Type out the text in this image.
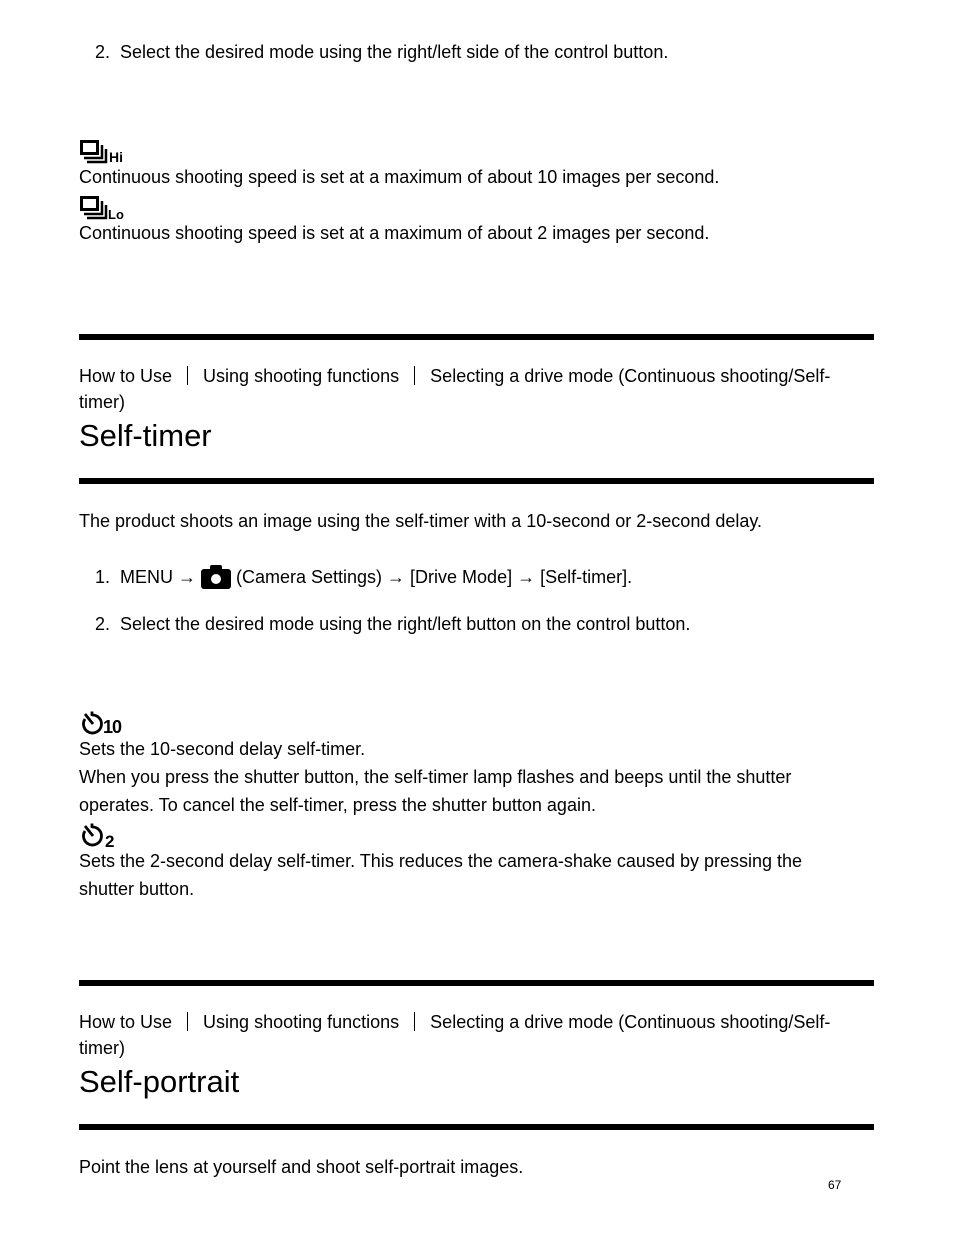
2. Select the desired mode using the right/left side of the control button.
Hi
Continuous shooting speed is set at a maximum of about 10 images per second.
Lo
Continuous shooting speed is set at a maximum of about 2 images per second.
How to Use Using shooting functions Selecting a drive mode (Continuous shooting/Self-
timer)
Self-timer
The product shoots an image using the self-timer with a 10-second or 2-second delay.
1. MENU → (Camera Settings) → [Drive Mode] → [Self-timer].
2. Select the desired mode using the right/left button on the control button.
10
Sets the 10-second delay self-timer.
When you press the shutter button, the self-timer lamp flashes and beeps until the shutter
operates. To cancel the self-timer, press the shutter button again.
2
Sets the 2-second delay self-timer. This reduces the camera-shake caused by pressing the
shutter button.
How to Use Using shooting functions Selecting a drive mode (Continuous shooting/Self-
timer)
Self-portrait
Point the lens at yourself and shoot self-portrait images.
67
